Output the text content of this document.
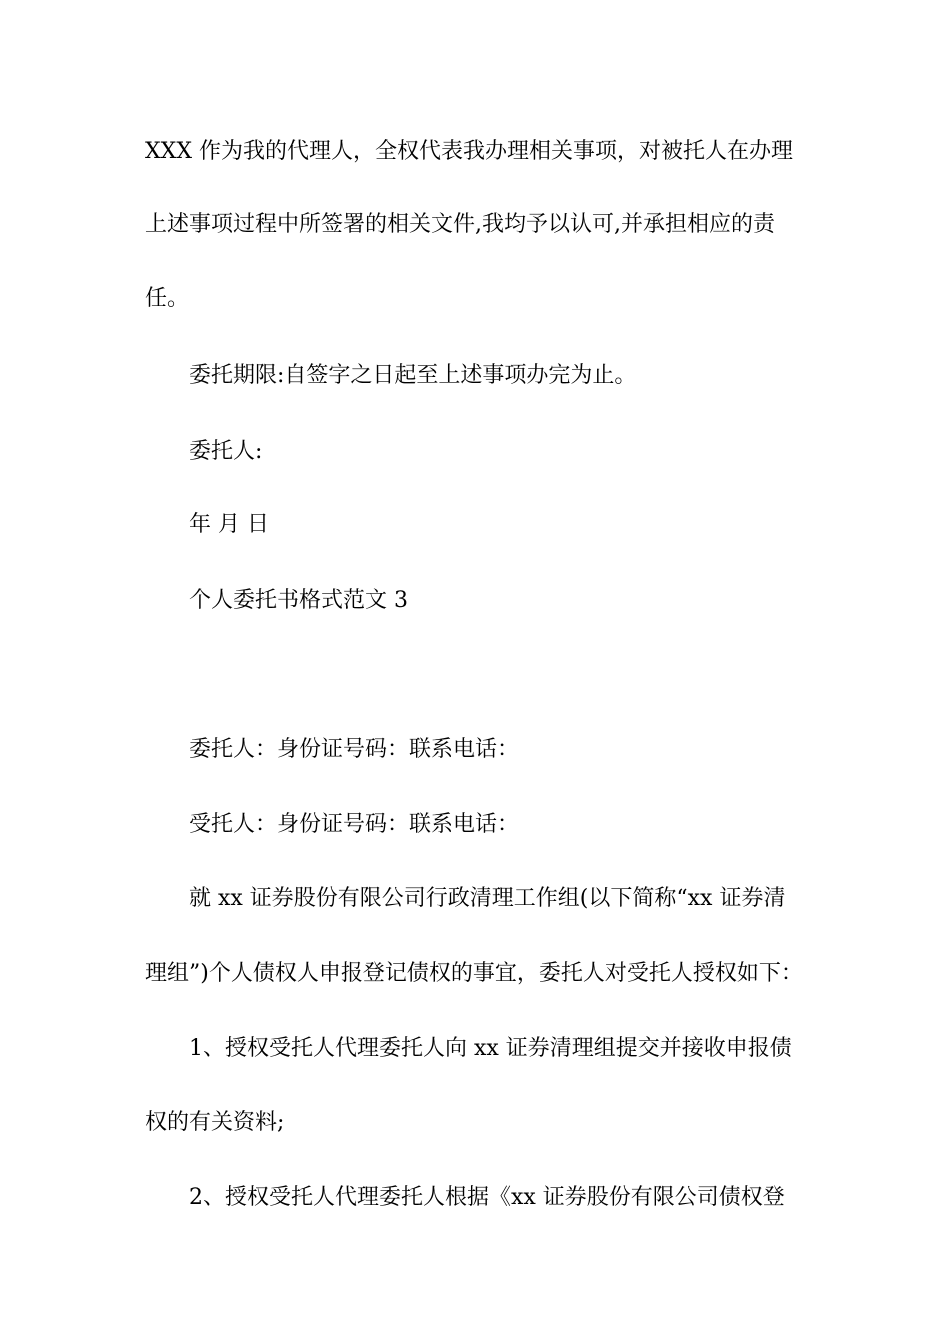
XXX 作为我的代理人，全权代表我办理相关事项，对被托人在办理
上述事项过程中所签署的相关文件,我均予以认可,并承担相应的责
任。
委托期限:自签字之日起至上述事项办完为止。
委托人:
年 月 日
个人委托书格式范文 3
委托人：身份证号码：联系电话：
受托人：身份证号码：联系电话：
就 xx 证券股份有限公司行政清理工作组(以下简称“xx 证券清
理组”)个人债权人申报登记债权的事宜，委托人对受托人授权如下：
1、授权受托人代理委托人向 xx 证券清理组提交并接收申报债
权的有关资料;
2、授权受托人代理委托人根据《xx 证券股份有限公司债权登
